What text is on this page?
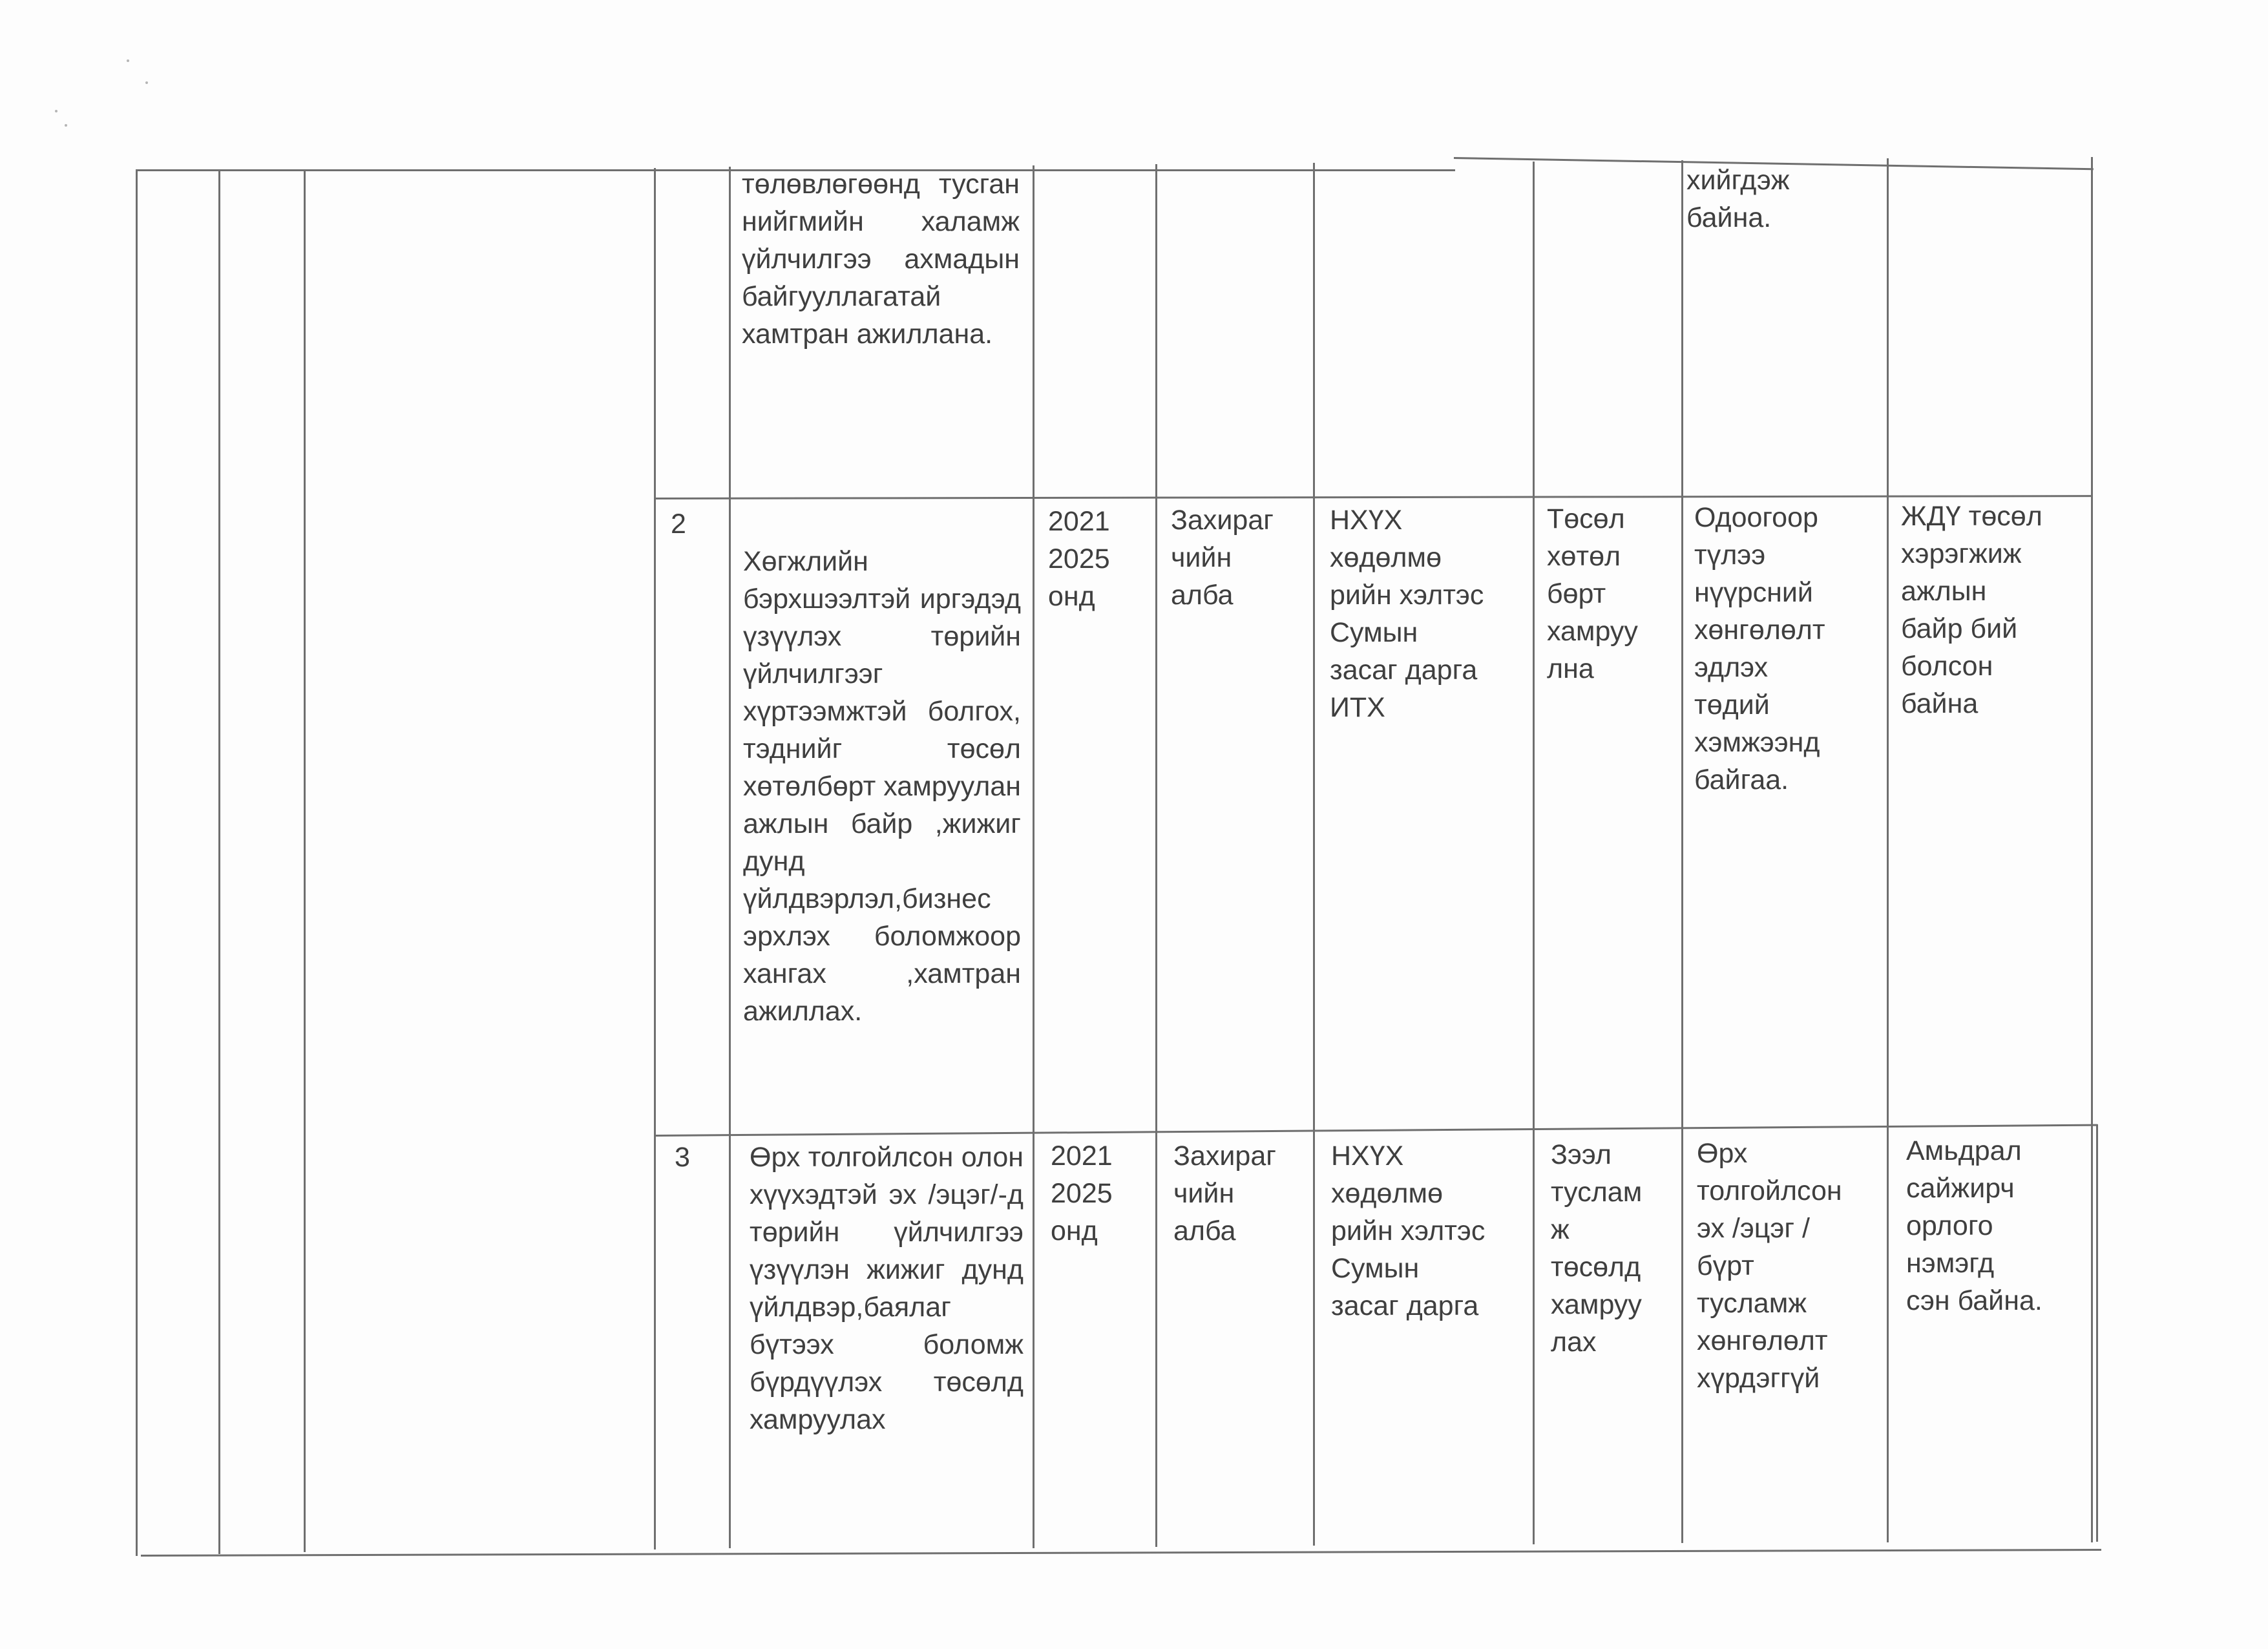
төлөвлөгөөнд тусган нийгмийн халамж үйлчилгээ ахмадын байгууллагатай хамтран ажиллана.
хийгдэж байна.
2
Хөгжлийн бэрхшээлтэй иргэдэд үзүүлэх төрийн үйлчилгээг хүртээмжтэй болгох, тэднийг төсөл хөтөлбөрт хамруулан ажлын байр ,жижиг дунд үйлдвэрлэл,бизнес эрхлэх боломжоор хангах ,хамтран ажиллах.
2021
2025
онд
Захираг
чийн
алба
НХҮХ
хөдөлмө
рийн хэлтэс
Сумын
засаг дарга
ИТХ
Төсөл
хөтөл
бөрт
хамруу
лна
Одоогоор
түлээ
нүүрсний
хөнгөлөлт
эдлэх
төдий
хэмжээнд
байгаа.
ЖДҮ төсөл
хэрэгжиж
ажлын
байр бий
болсон
байна
3 Өрх толгойлсон олон хүүхэдтэй эх /эцэг/-д төрийн үйлчилгээ үзүүлэн жижиг дунд үйлдвэр,баялаг бүтээх боломж бүрдүүлэх төсөлд хамруулах
2021
2025
онд
Захираг
чийн
алба
НХҮХ
хөдөлмө
рийн хэлтэс
Сумын
засаг дарга
Зээл
туслам
ж
төсөлд
хамруу
лах
Өрх
толгойлсон
эх /эцэг /
бүрт
тусламж
хөнгөлөлт
хүрдэггүй
Амьдрал
сайжирч
орлого
нэмэгд
сэн байна.
